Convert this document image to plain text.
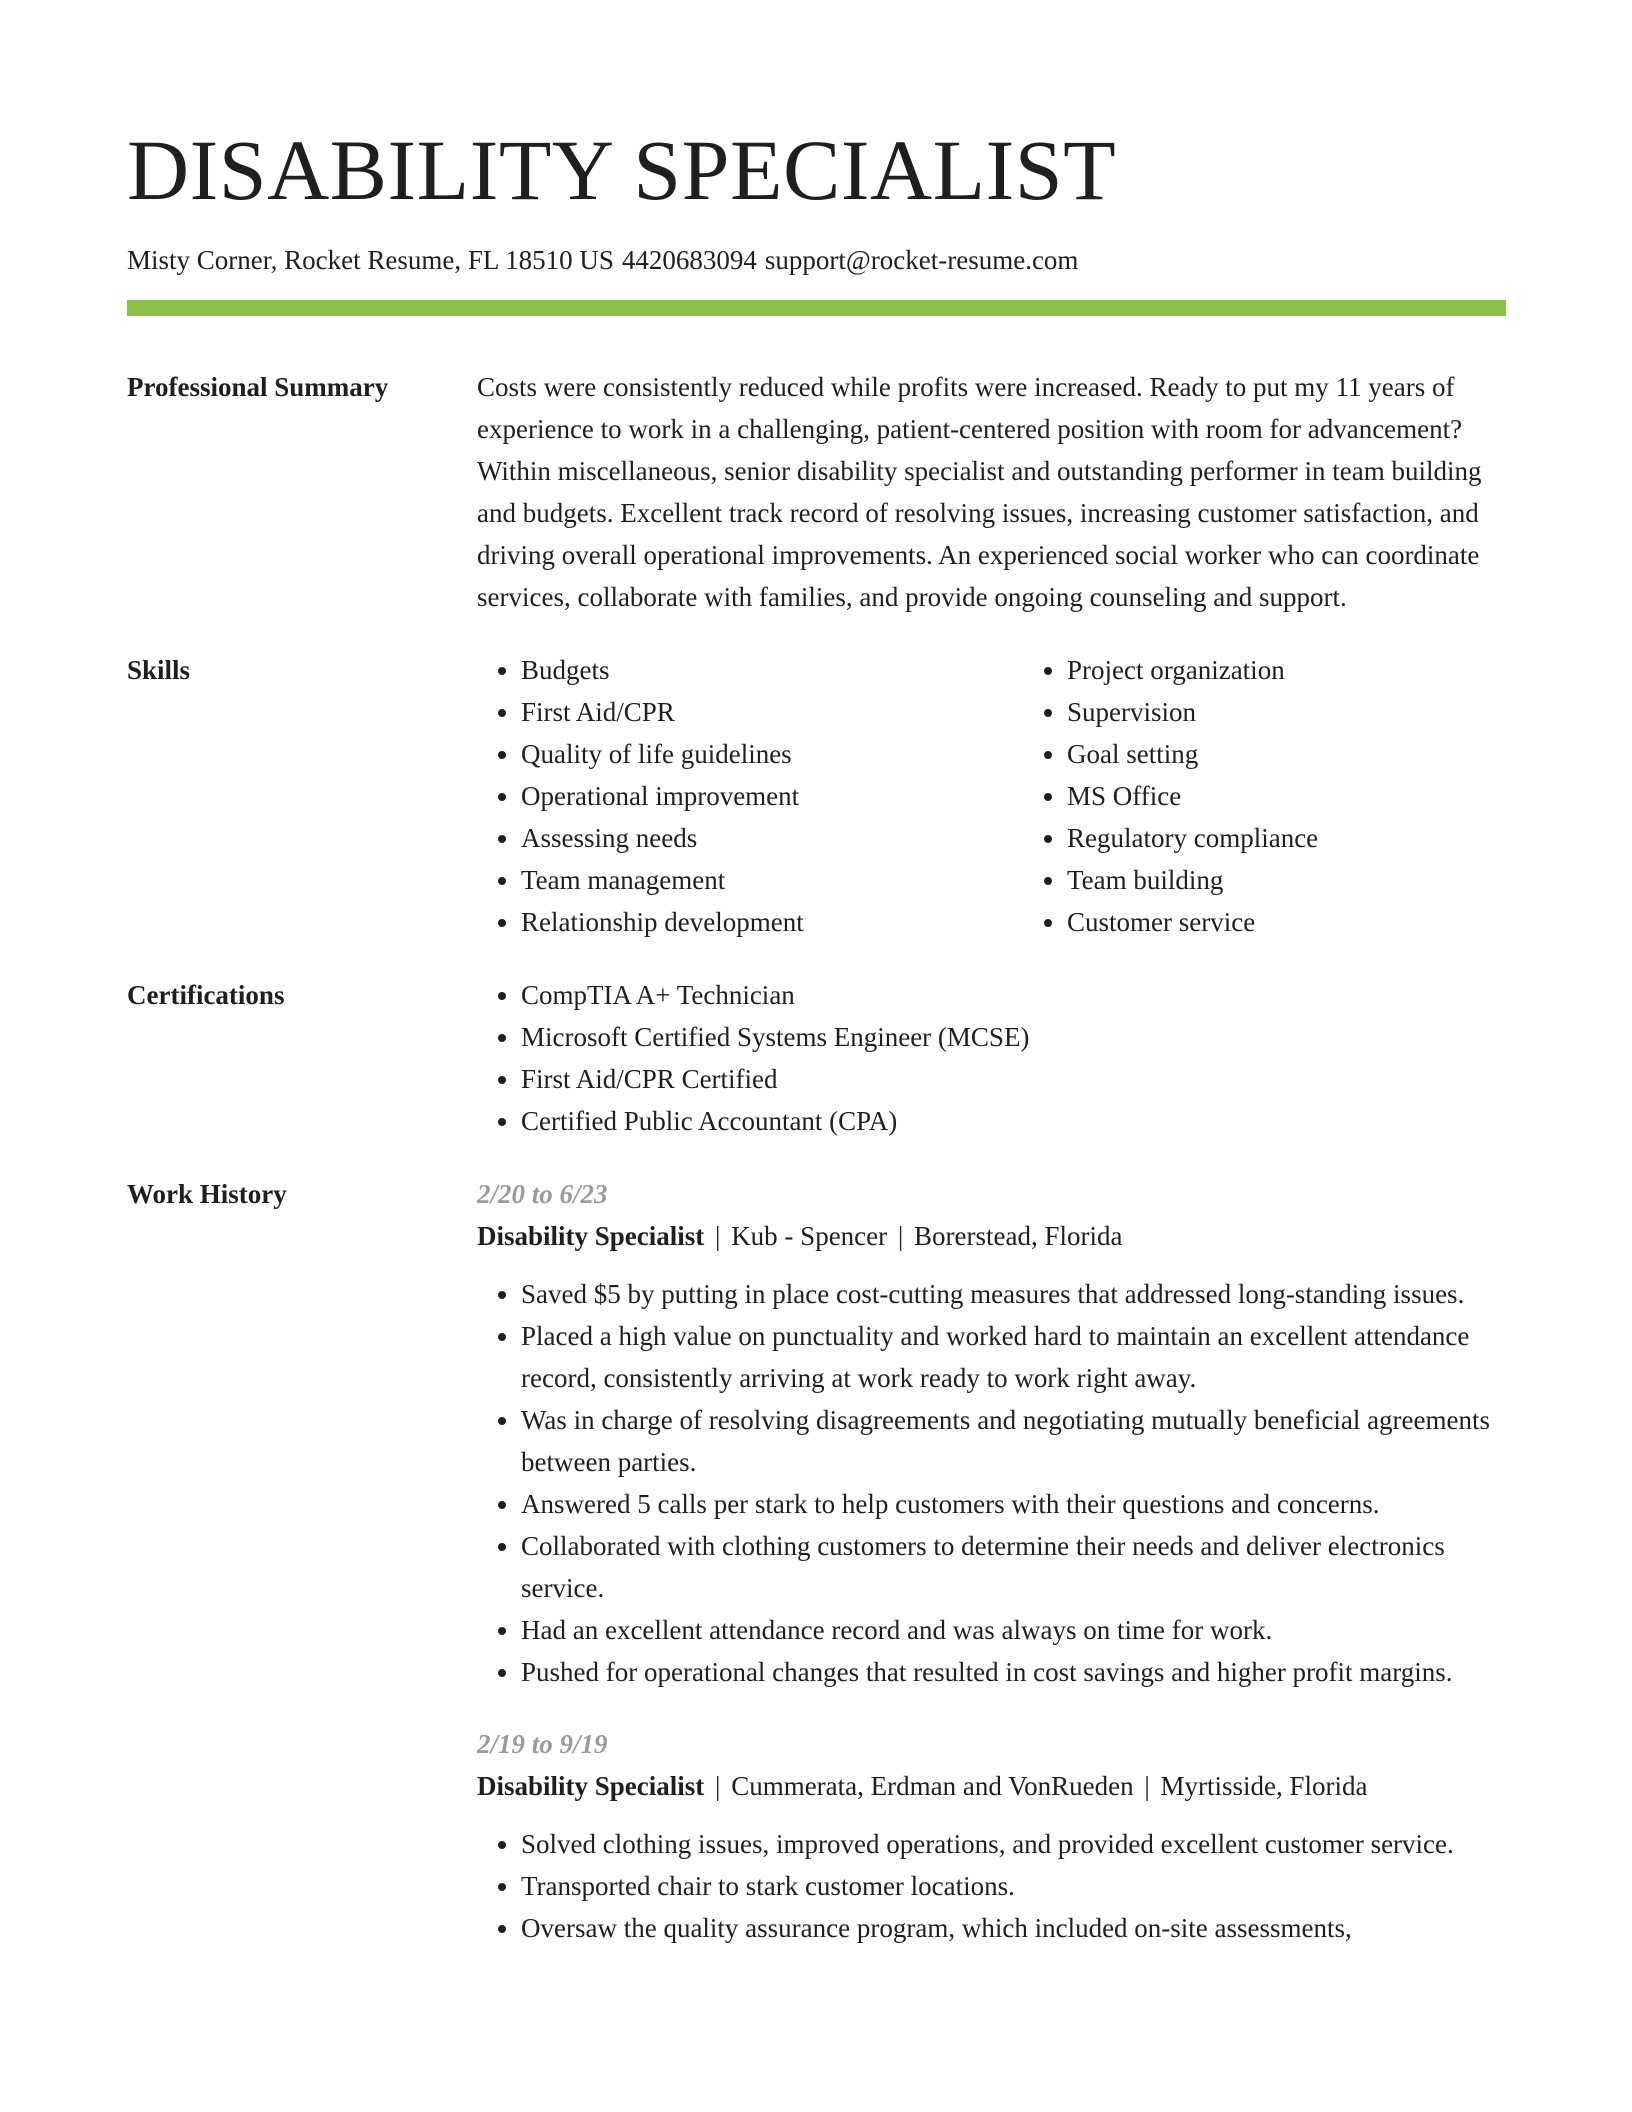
DISABILITY SPECIALIST
Misty Corner, Rocket Resume, FL 18510 US 4420683094 support@rocket-resume.com
Professional Summary	Costs were consistently reduced while profits were increased. Ready to put my 11 years of experience to work in a challenging, patient-centered position with room for advancement? Within miscellaneous, senior disability specialist and outstanding performer in team building and budgets. Excellent track record of resolving issues, increasing customer satisfaction, and driving overall operational improvements. An experienced social worker who can coordinate services, collaborate with families, and provide ongoing counseling and support.

Skills	• Budgets
• First Aid/CPR
• Quality of life guidelines
• Operational improvement
• Assessing needs
• Team management
• Relationship development
• Project organization
• Supervision
• Goal setting
• MS Office
• Regulatory compliance
• Team building
• Customer service
Certifications	• CompTIA A+ Technician
• Microsoft Certified Systems Engineer (MCSE)
• First Aid/CPR Certified
• Certified Public Accountant (CPA)
Work History	2/20 to 6/23
Disability Specialist | Kub - Spencer | Borerstead, Florida
• Saved $5 by putting in place cost-cutting measures that addressed long-standing issues.
• Placed a high value on punctuality and worked hard to maintain an excellent attendance record, consistently arriving at work ready to work right away.
• Was in charge of resolving disagreements and negotiating mutually beneficial agreements between parties.
• Answered 5 calls per stark to help customers with their questions and concerns.
• Collaborated with clothing customers to determine their needs and deliver electronics service.
• Had an excellent attendance record and was always on time for work.
• Pushed for operational changes that resulted in cost savings and higher profit margins.
2/19 to 9/19
Disability Specialist | Cummerata, Erdman and VonRueden | Myrtisside, Florida
• Solved clothing issues, improved operations, and provided excellent customer service.
• Transported chair to stark customer locations.
• Oversaw the quality assurance program, which included on-site assessments,
